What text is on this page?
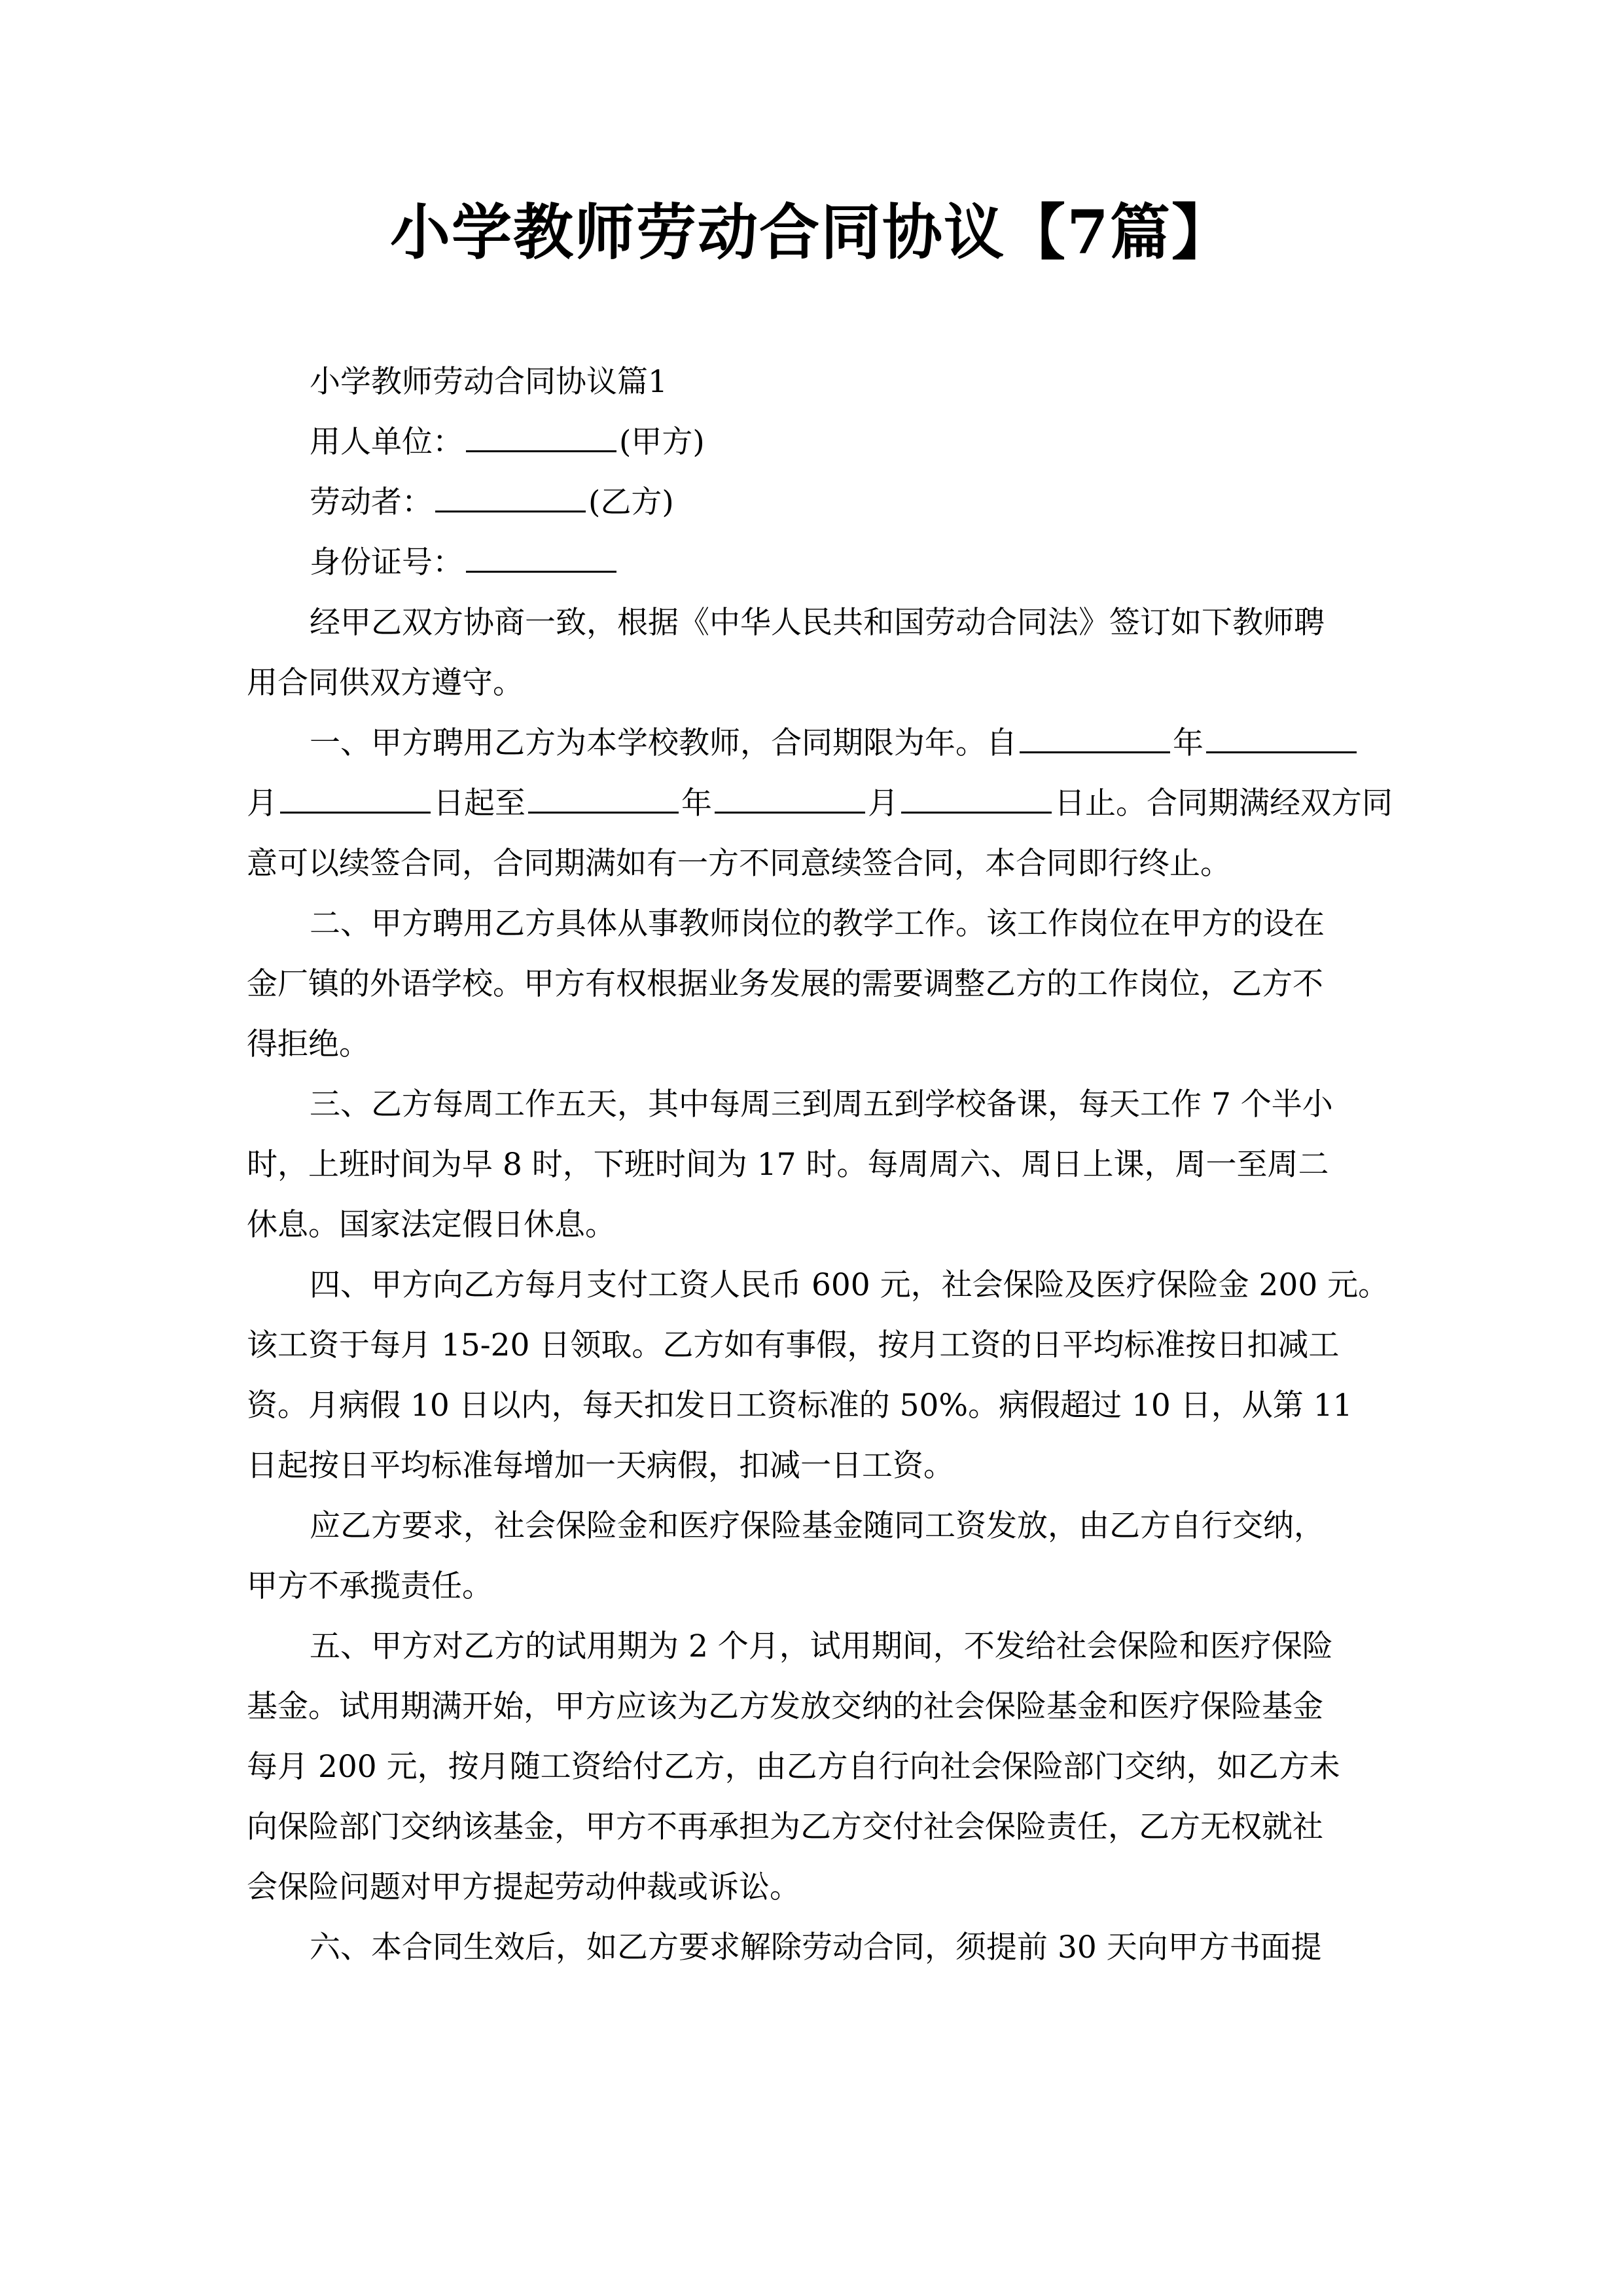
小学教师劳动合同协议【7篇】
小学教师劳动合同协议篇1
用人单位：	(甲方)
劳动者：	(乙方)
身份证号：
经甲乙双方协商一致，根据《中华人民共和国劳动合同法》签订如下教师聘
用合同供双方遵守。
一、甲方聘用乙方为本学校教师，合同期限为年。自	年
月	日起至	年	月	日止。合同期满经双方同
意可以续签合同，合同期满如有一方不同意续签合同，本合同即行终止。
二、甲方聘用乙方具体从事教师岗位的教学工作。该工作岗位在甲方的设在
金厂镇的外语学校。甲方有权根据业务发展的需要调整乙方的工作岗位，乙方不
得拒绝。
三、乙方每周工作五天，其中每周三到周五到学校备课，每天工作 7 个半小
时，上班时间为早 8 时，下班时间为 17 时。每周周六、周日上课，周一至周二
休息。国家法定假日休息。
四、甲方向乙方每月支付工资人民币 600 元，社会保险及医疗保险金 200 元。
该工资于每月 15-20 日领取。乙方如有事假，按月工资的日平均标准按日扣减工
资。月病假 10 日以内，每天扣发日工资标准的 50%。病假超过 10 日，从第 11
日起按日平均标准每增加一天病假，扣减一日工资。
应乙方要求，社会保险金和医疗保险基金随同工资发放，由乙方自行交纳，
甲方不承揽责任。
五、甲方对乙方的试用期为 2 个月，试用期间，不发给社会保险和医疗保险
基金。试用期满开始，甲方应该为乙方发放交纳的社会保险基金和医疗保险基金
每月 200 元，按月随工资给付乙方，由乙方自行向社会保险部门交纳，如乙方未
向保险部门交纳该基金，甲方不再承担为乙方交付社会保险责任，乙方无权就社
会保险问题对甲方提起劳动仲裁或诉讼。
六、本合同生效后，如乙方要求解除劳动合同，须提前 30 天向甲方书面提
